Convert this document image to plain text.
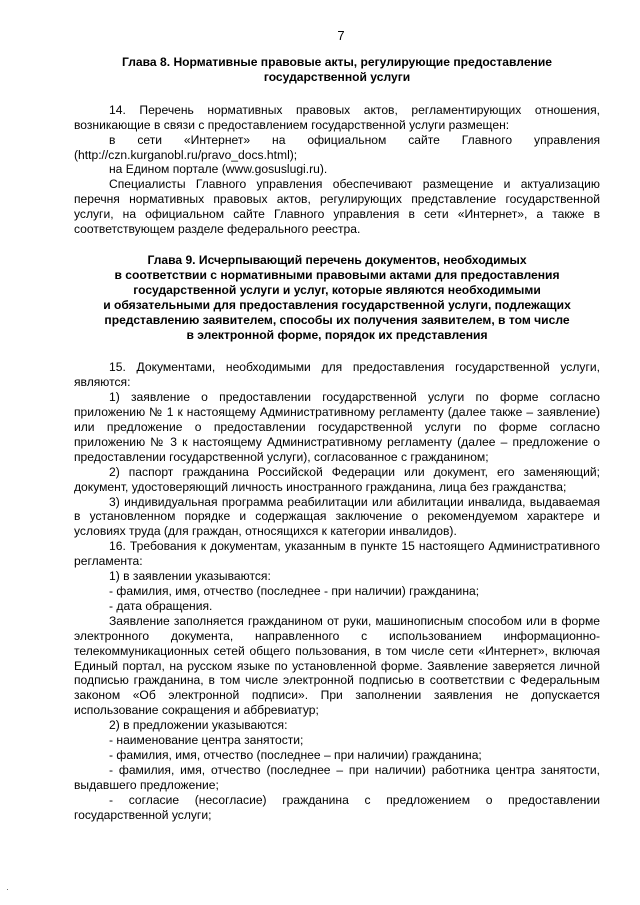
7
Глава 8. Нормативные правовые акты, регулирующие предоставление
государственной услуги

14. Перечень нормативных правовых актов, регламентирующих отношения, возникающие в связи с предоставлением государственной услуги размещен:

в сети «Интернет» на официальном сайте Главного управления (http://czn.kurganobl.ru/pravo_docs.html);

на Едином портале (www.gosuslugi.ru).

Специалисты Главного управления обеспечивают размещение и актуализацию перечня нормативных правовых актов, регулирующих представление государственной услуги, на официальном сайте Главного управления в сети «Интернет», а также в соответствующем разделе федерального реестра.

Глава 9. Исчерпывающий перечень документов, необходимых
в соответствии с нормативными правовыми актами для предоставления
государственной услуги и услуг, которые являются необходимыми
и обязательными для предоставления государственной услуги, подлежащих
представлению заявителем, способы их получения заявителем, в том числе
в электронной форме, порядок их представления

15. Документами, необходимыми для предоставления государственной услуги, являются:

1) заявление о предоставлении государственной услуги по форме согласно приложению № 1 к настоящему Административному регламенту (далее также – заявление) или предложение о предоставлении государственной услуги по форме согласно приложению № 3 к настоящему Административному регламенту (далее – предложение о предоставлении государственной услуги), согласованное с гражданином;

2) паспорт гражданина Российской Федерации или документ, его заменяющий; документ, удостоверяющий личность иностранного гражданина, лица без гражданства;

3) индивидуальная программа реабилитации или абилитации инвалида, выдаваемая в установленном порядке и содержащая заключение о рекомендуемом характере и условиях труда (для граждан, относящихся к категории инвалидов).

16. Требования к документам, указанным в пункте 15 настоящего Административного регламента:

1) в заявлении указываются:

- фамилия, имя, отчество (последнее - при наличии) гражданина;

- дата обращения.

Заявление заполняется гражданином от руки, машинописным способом или в форме электронного документа, направленного с использованием информационно-телекоммуникационных сетей общего пользования, в том числе сети «Интернет», включая Единый портал, на русском языке по установленной форме. Заявление заверяется личной подписью гражданина, в том числе электронной подписью в соответствии с Федеральным законом «Об электронной подписи». При заполнении заявления не допускается использование сокращения и аббревиатур;

2) в предложении указываются:

- наименование центра занятости;

- фамилия, имя, отчество (последнее – при наличии) гражданина;

- фамилия, имя, отчество (последнее – при наличии) работника центра занятости, выдавшего предложение;

- согласие (несогласие) гражданина с предложением о предоставлении государственной услуги;

·
